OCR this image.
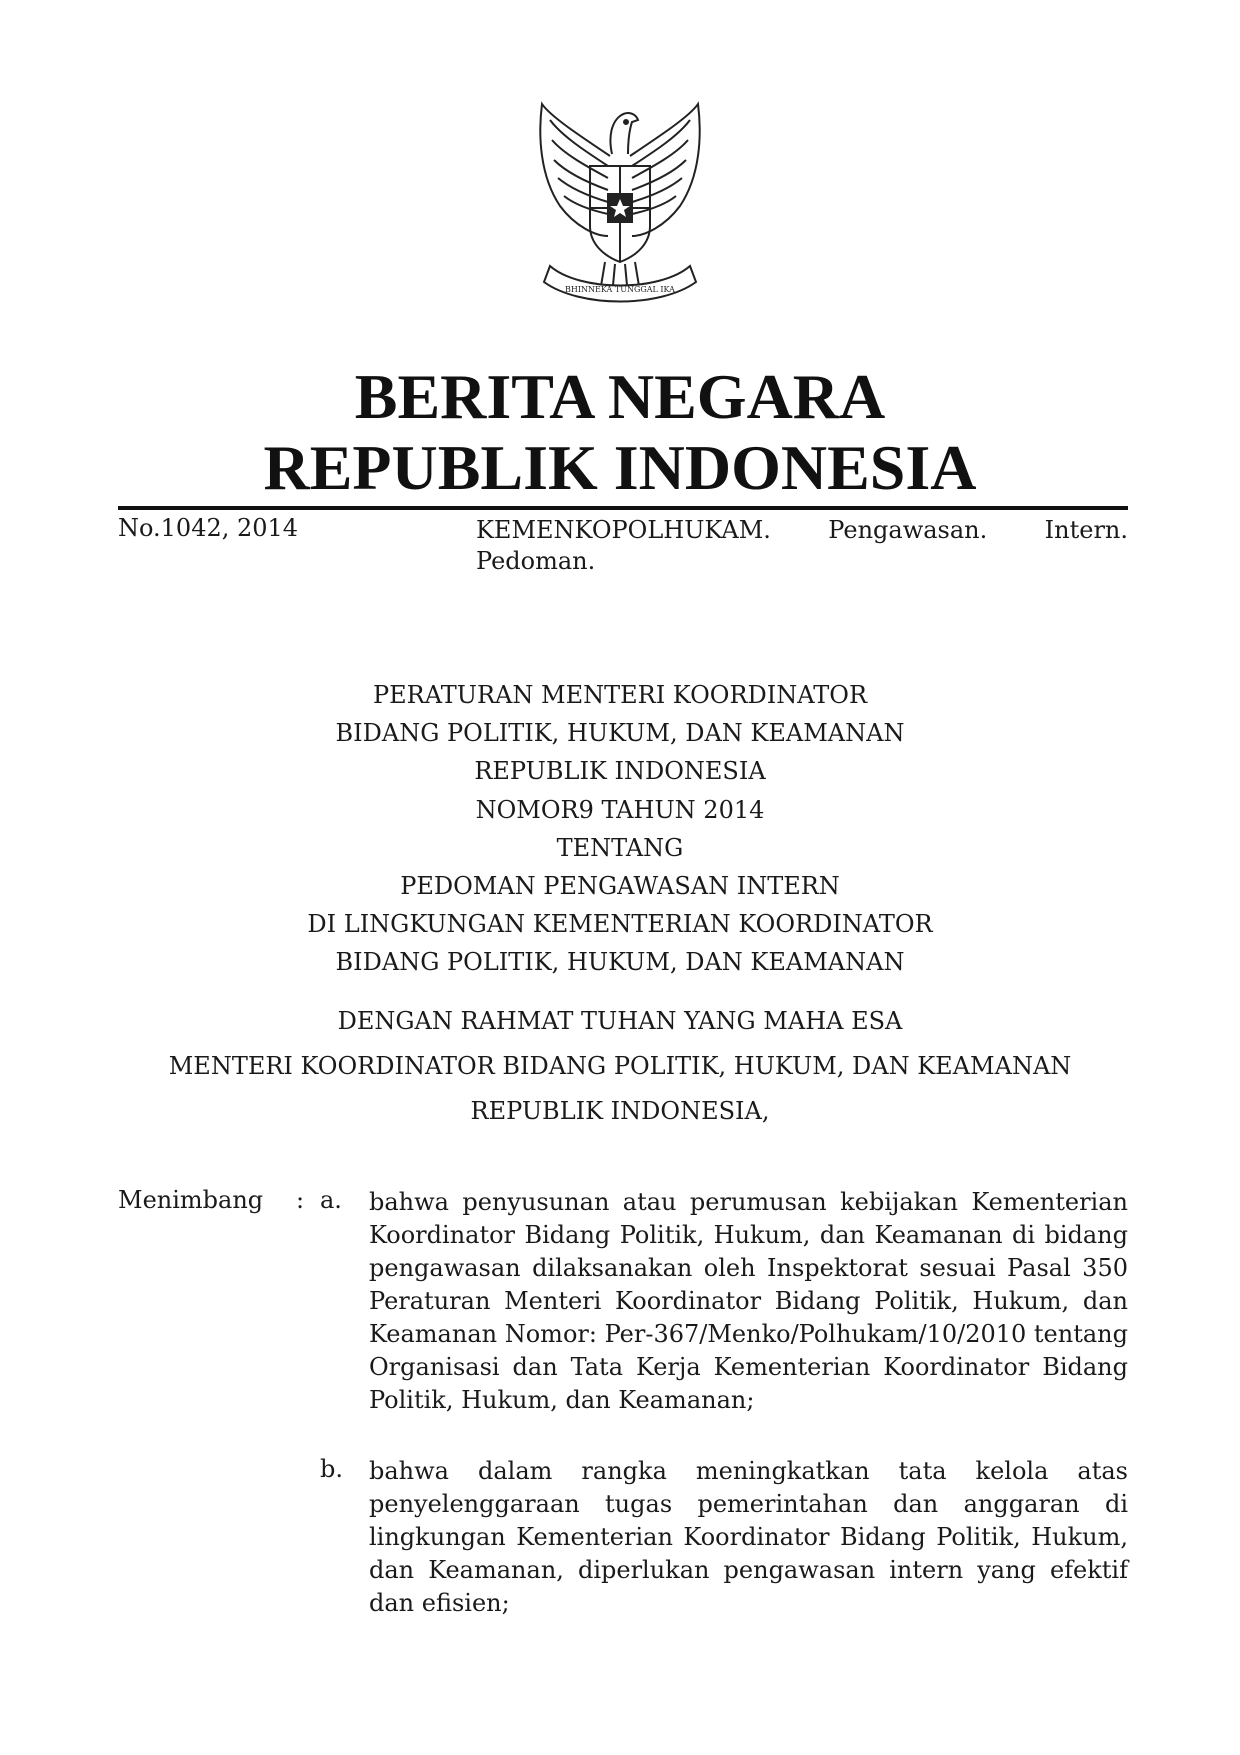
BHINNEKA TUNGGAL IKA
BERITA NEGARA
REPUBLIK INDONESIA
No.1042, 2014	KEMENKOPOLHUKAM. Pengawasan. Intern.
Pedoman.
PERATURAN MENTERI KOORDINATOR
BIDANG POLITIK, HUKUM, DAN KEAMANAN
REPUBLIK INDONESIA
NOMOR9 TAHUN 2014
TENTANG
PEDOMAN PENGAWASAN INTERN
DI LINGKUNGAN KEMENTERIAN KOORDINATOR
BIDANG POLITIK, HUKUM, DAN KEAMANAN
DENGAN RAHMAT TUHAN YANG MAHA ESA
MENTERI KOORDINATOR BIDANG POLITIK, HUKUM, DAN KEAMANAN
REPUBLIK INDONESIA,
Menimbang : a. bahwa penyusunan atau perumusan kebijakan Kementerian Koordinator Bidang Politik, Hukum, dan Keamanan di bidang pengawasan dilaksanakan oleh Inspektorat sesuai Pasal 350 Peraturan Menteri Koordinator Bidang Politik, Hukum, dan Keamanan Nomor: Per-367/Menko/Polhukam/10/2010 tentang Organisasi dan Tata Kerja Kementerian Koordinator Bidang Politik, Hukum, dan Keamanan;
b. bahwa dalam rangka meningkatkan tata kelola atas penyelenggaraan tugas pemerintahan dan anggaran di lingkungan Kementerian Koordinator Bidang Politik, Hukum, dan Keamanan, diperlukan pengawasan intern yang efektif dan efisien;
